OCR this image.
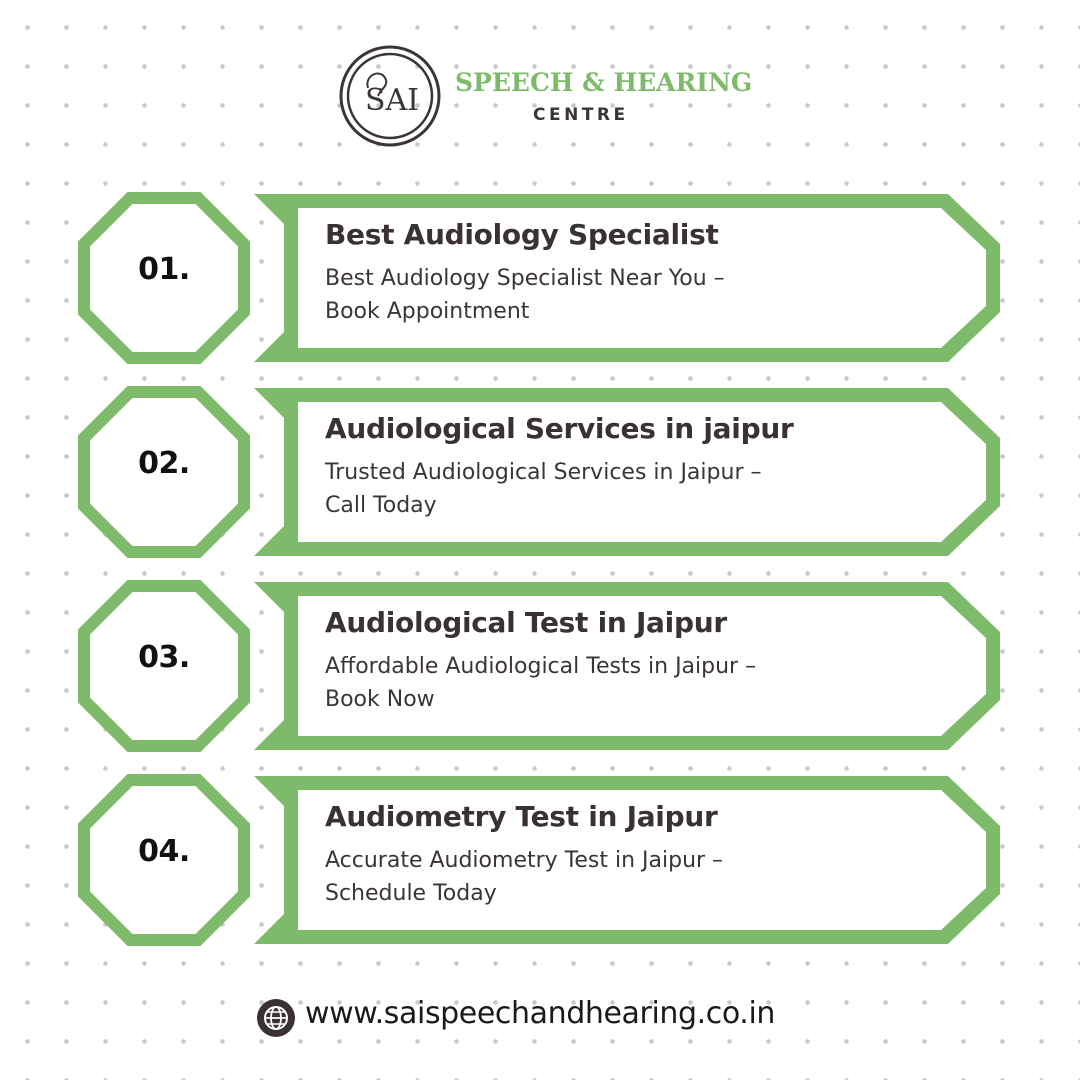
SAI
SPEECH & HEARING
CENTRE
01.
Best Audiology Specialist
Best Audiology Specialist Near You – Book Appointment
02.
Audiological Services in jaipur
Trusted Audiological Services in Jaipur – Call Today
03.
Audiological Test in Jaipur
Affordable Audiological Tests in Jaipur – Book Now
04.
Audiometry Test in Jaipur
Accurate Audiometry Test in Jaipur – Schedule Today
www.saispeechandhearing.co.in
